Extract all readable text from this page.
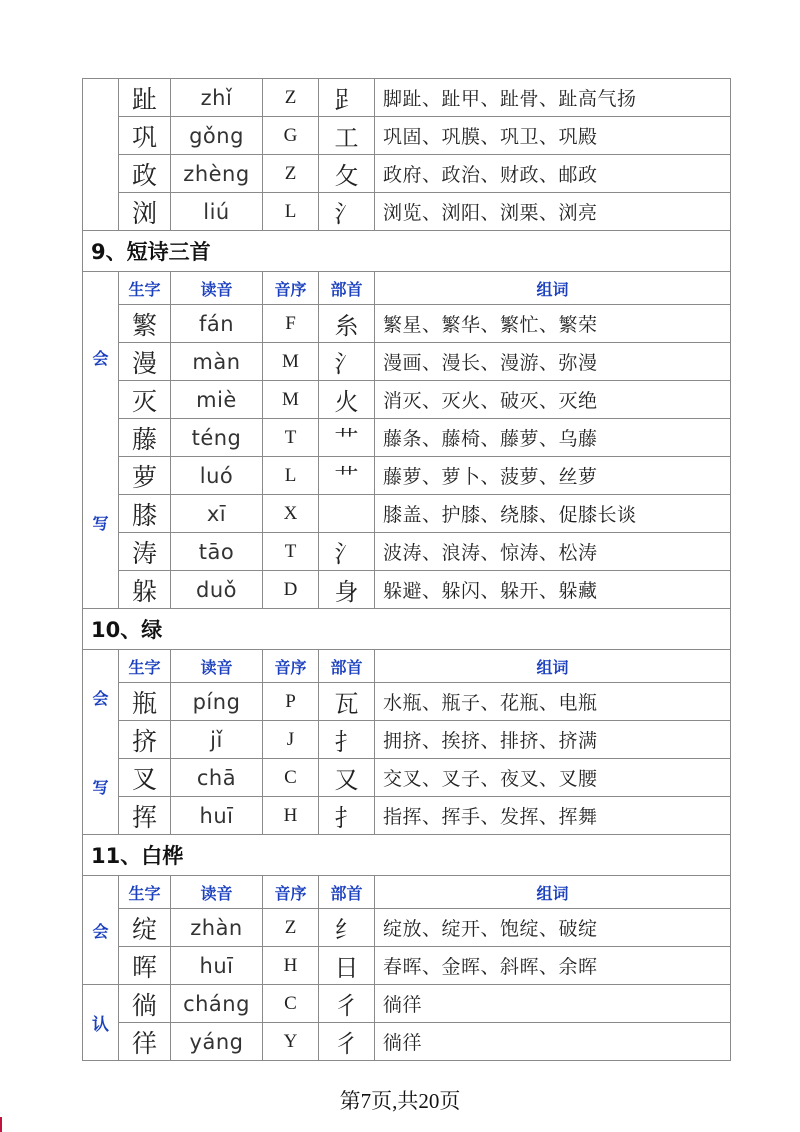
	趾	zhǐ	Z	𧾷	脚趾、趾甲、趾骨、趾高气扬
	巩	gǒng	G	工	巩固、巩膜、巩卫、巩殿
	政	zhèng	Z	攵	政府、政治、财政、邮政
	浏	liú	L	氵	浏览、浏阳、浏栗、浏亮
9、短诗三首					

会
写	生字	读音	音序	部首	组词
	繁	fán	F	糸	繁星、繁华、繁忙、繁荣
	漫	màn	M	氵	漫画、漫长、漫游、弥漫
	灭	miè	M	火	消灭、灭火、破灭、灭绝
	藤	téng	T	艹	藤条、藤椅、藤萝、乌藤
	萝	luó	L	艹	藤萝、萝卜、菠萝、丝萝
	膝	xī	X		膝盖、护膝、绕膝、促膝长谈
	涛	tāo	T	氵	波涛、浪涛、惊涛、松涛
	躲	duǒ	D	身	躲避、躲闪、躲开、躲藏
10、绿					

会
写	生字	读音	音序	部首	组词
	瓶	píng	P	瓦	水瓶、瓶子、花瓶、电瓶
	挤	jǐ	J	扌	拥挤、挨挤、排挤、挤满
	叉	chā	C	又	交叉、叉子、夜叉、叉腰
	挥	huī	H	扌	指挥、挥手、发挥、挥舞
11、白桦					

会	生字	读音	音序	部首	组词
	绽	zhàn	Z	纟	绽放、绽开、饱绽、破绽
	晖	huī	H	日	春晖、金晖、斜晖、余晖
认	徜	cháng	C	彳	徜徉
	徉	yáng	Y	彳	徜徉
第7页,共20页
